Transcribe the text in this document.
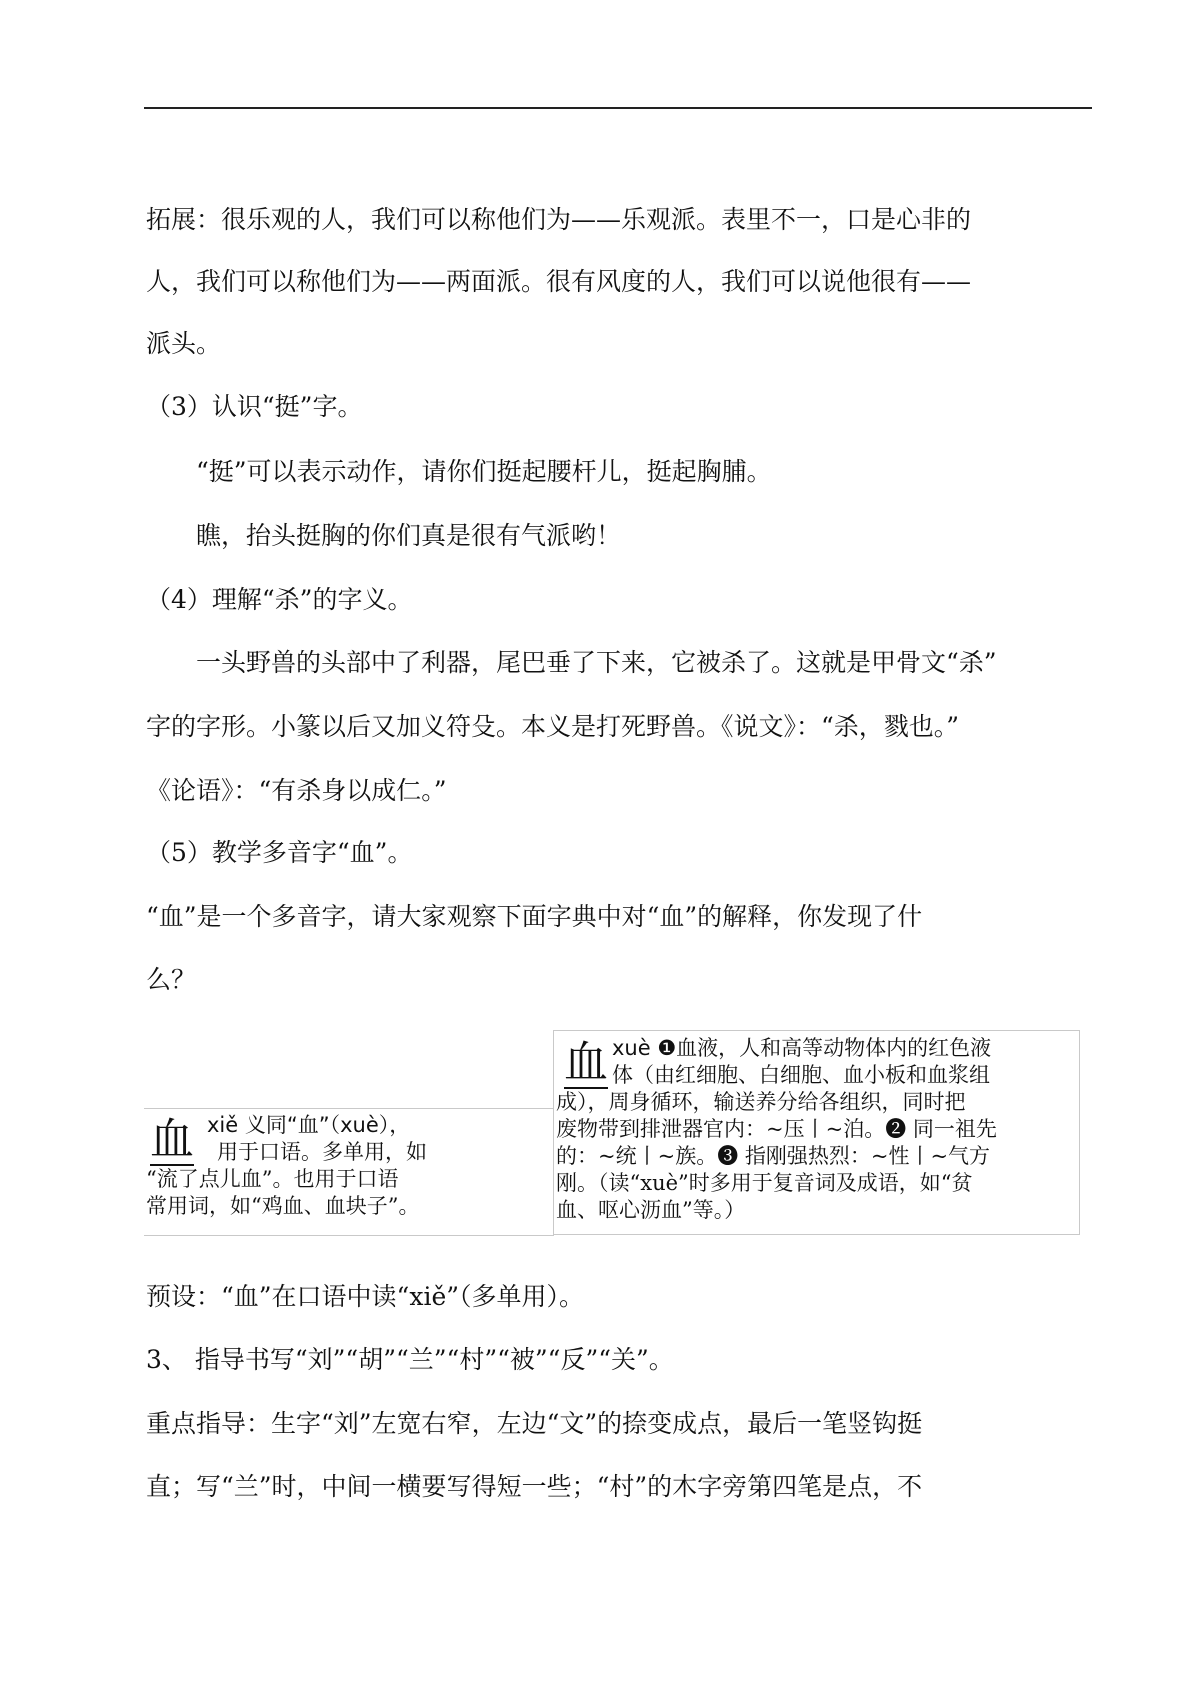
拓展：很乐观的人，我们可以称他们为——乐观派。表里不一，口是心非的
人，我们可以称他们为——两面派。很有风度的人，我们可以说他很有——
派头。
（3）认识“挺”字。
“挺”可以表示动作，请你们挺起腰杆儿，挺起胸脯。
瞧，抬头挺胸的你们真是很有气派哟！
（4）理解“杀”的字义。
一头野兽的头部中了利器，尾巴垂了下来，它被杀了。这就是甲骨文“杀”
字的字形。小篆以后又加义符殳。本义是打死野兽。《说文》：“杀，戮也。”
《论语》：“有杀身以成仁。”
（5）教学多音字“血”。
“血”是一个多音字，请大家观察下面字典中对“血”的解释，你发现了什
么？
血 xuè ❶血液，人和高等动物体内的红色液
体（由红细胞、白细胞、血小板和血浆组
成），周身循环，输送养分给各组织，同时把
废物带到排泄器官内：~压丨~泊。❷ 同一祖先
的：~统丨~族。❸ 指刚强热烈：~性丨~气方
刚。（读“xuè”时多用于复音词及成语，如“贫
血、呕心沥血”等。）
血 xiě 义同“血”（xuè），
用于口语。多单用，如
“流了点儿血”。也用于口语
常用词，如“鸡血、血块子”。
预设：“血”在口语中读“xiě”（多单用）。
3、 指导书写“刘”“胡”“兰”“村”“被”“反”“关”。
重点指导：生字“刘”左宽右窄，左边“文”的捺变成点，最后一笔竖钩挺
直；写“兰”时，中间一横要写得短一些；“村”的木字旁第四笔是点，不
